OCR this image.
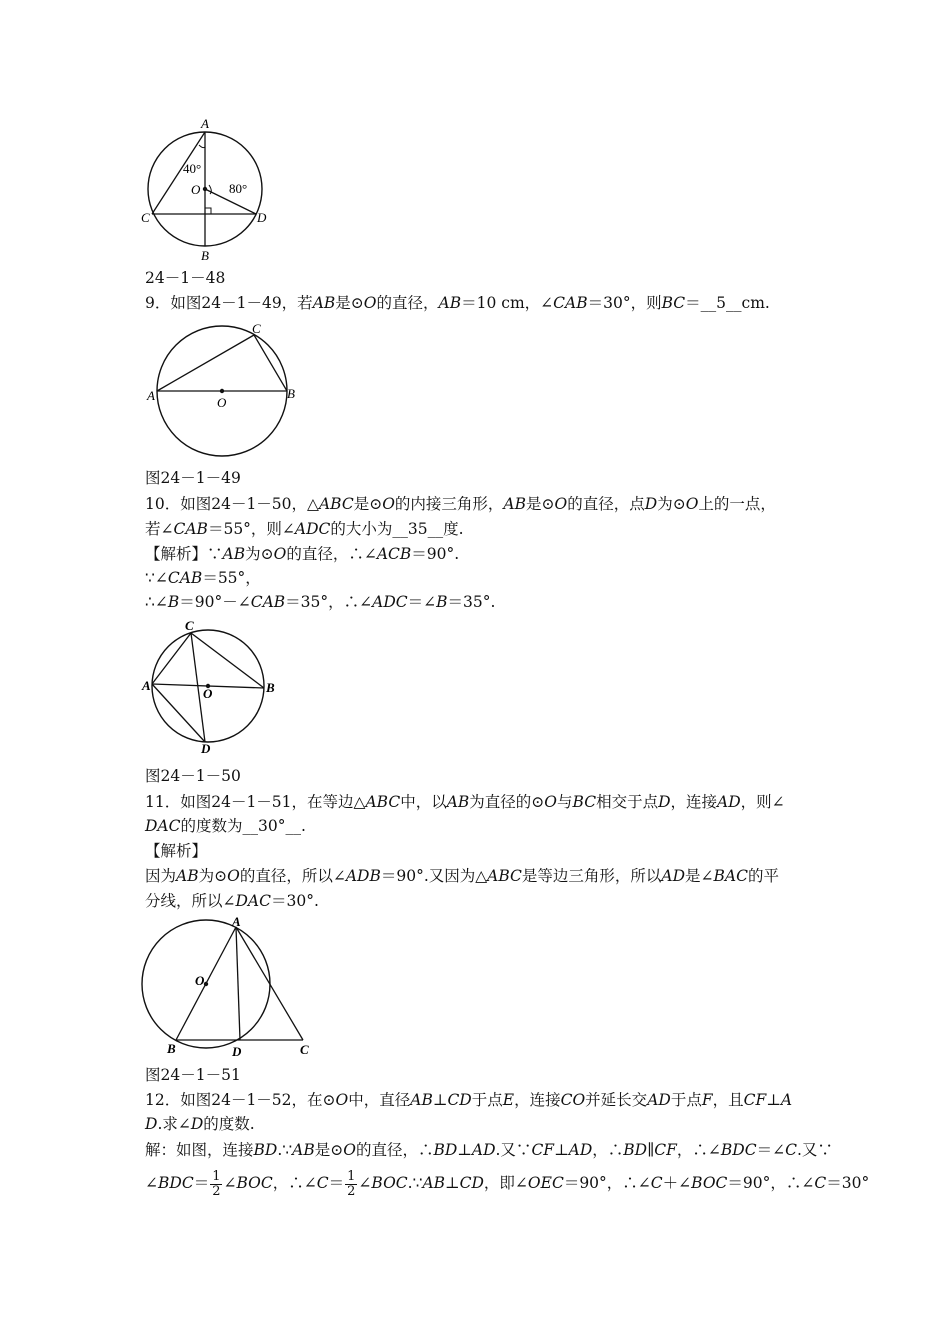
A
B
C	D
O
40°
80°
24－1－48
9．如图24－1－49，若AB是⊙O的直径，AB＝10 cm，∠CAB＝30°，则BC＝__5__cm.
A	B
C
O
图24－1－49
10．如图24－1－50，△ABC是⊙O的内接三角形，AB是⊙O的直径，点D为⊙O上的一点，
若∠CAB＝55°，则∠ADC的大小为__35__度.
【解析】∵AB为⊙O的直径，∴∠ACB＝90°.
∵∠CAB＝55°，
∴∠B＝90°－∠CAB＝35°，∴∠ADC＝∠B＝35°.
A	B
C
D
O
图24－1－50
11．如图24－1－51，在等边△ABC中，以AB为直径的⊙O与BC相交于点D，连接AD，则∠
DAC的度数为__30°__.
【解析】
因为AB为⊙O的直径，所以∠ADB＝90°.又因为△ABC是等边三角形，所以AD是∠BAC的平
分线，所以∠DAC＝30°.
A
B	C
D
O
图24－1－51
12．如图24－1－52，在⊙O中，直径AB⊥CD于点E，连接CO并延长交AD于点F，且CF⊥A
D.求∠D的度数.
解：如图，连接BD.∵AB是⊙O的直径，∴BD⊥AD.又∵CF⊥AD，∴BD∥CF，∴∠BDC＝∠C.又∵
∠BDC＝ $\frac{1}{2}$ ∠BOC，∴∠C＝ $\frac{1}{2}$ ∠BOC.∵AB⊥CD，即∠OEC＝90°，∴∠C＋∠BOC＝90°，∴∠C＝30°
